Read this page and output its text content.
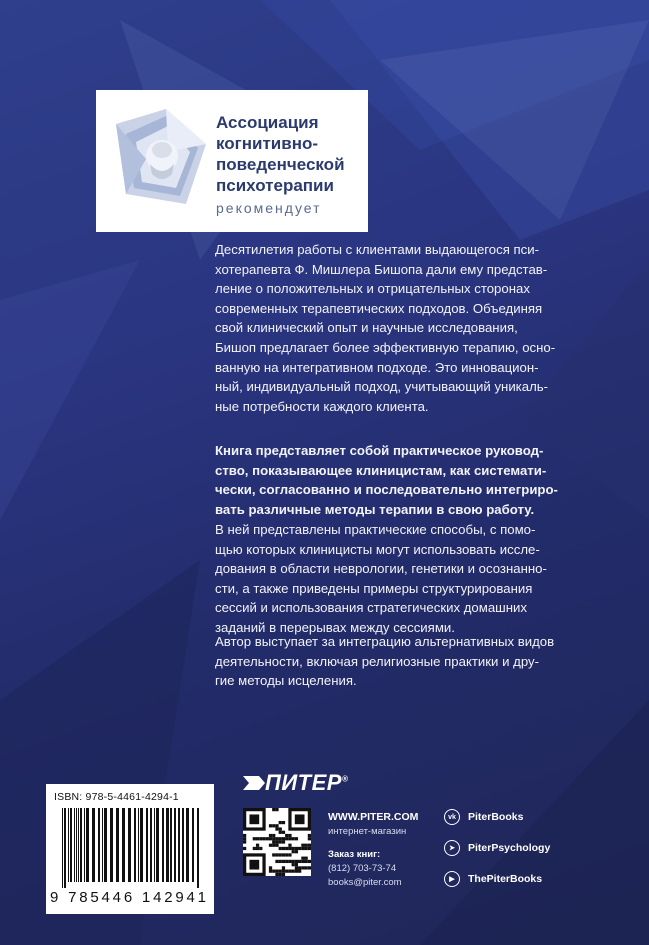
Ассоциация
когнитивно-
поведенческой
психотерапии
рекомендует
Десятилетия работы с клиентами выдающегося пси-
хотерапевта Ф. Мишлера Бишопа дали ему представ-
ление о положительных и отрицательных сторонах
современных терапевтических подходов. Объединяя
свой клинический опыт и научные исследования,
Бишоп предлагает более эффективную терапию, осно-
ванную на интегративном подходе. Это инновацион-
ный, индивидуальный подход, учитывающий уникаль-
ные потребности каждого клиента.
Книга представляет собой практическое руковод-
ство, показывающее клиницистам, как системати-
чески, согласованно и последовательно интегриро-
вать различные методы терапии в свою работу.
В ней представлены практические способы, с помо-
щью которых клиницисты могут использовать иссле-
дования в области неврологии, генетики и осознанно-
сти, а также приведены примеры структурирования
сессий и использования стратегических домашних
заданий в перерывах между сессиями.
Автор выступает за интеграцию альтернативных видов
деятельности, включая религиозные практики и дру-
гие методы исцеления.
ISBN: 978-5-4461-4294-1
9 785446 142941
ПИТЕР®
WWW.PITER.COM
интернет-магазин
Заказ книг:
(812) 703-73-74
books@piter.com
vk	PiterBooks
➤	PiterPsychology
▶	ThePiterBooks
